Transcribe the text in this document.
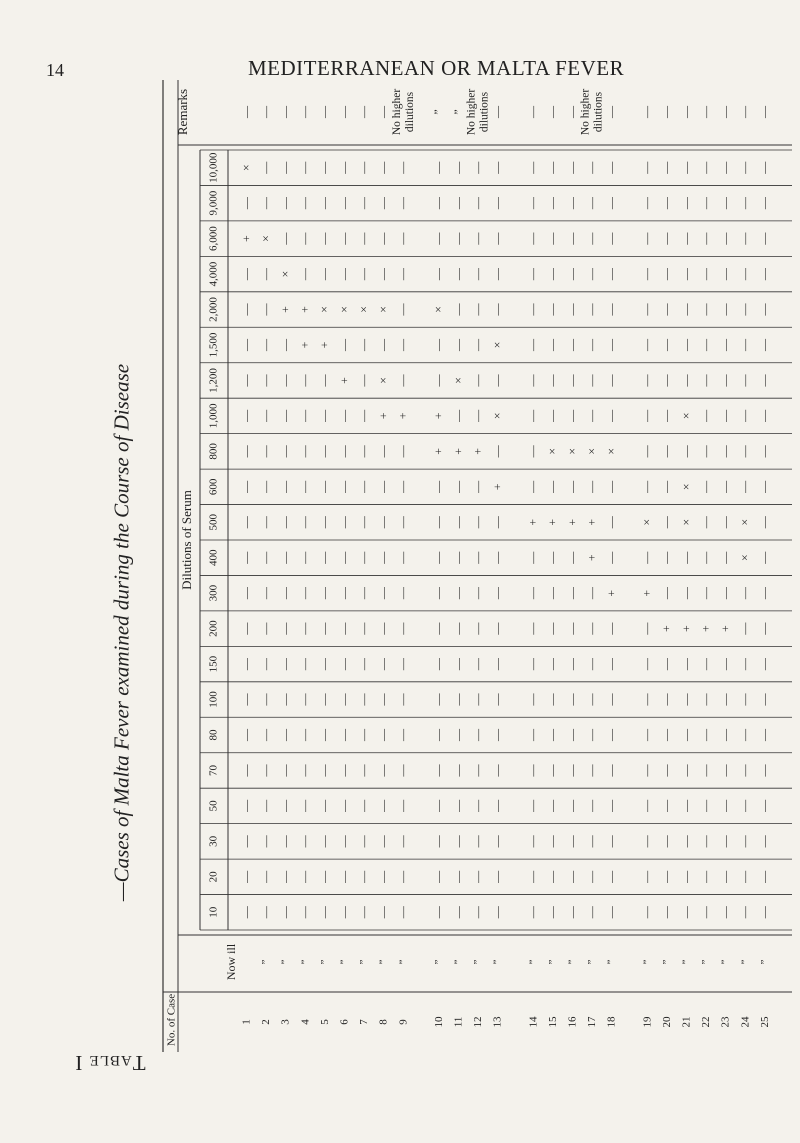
14	MEDITERRANEAN OR MALTA FEVER
Table I
—Cases of Malta Fever examined during the Course of Disease
Remarks
Dilutions of Serum
10
20
30
50
70
80
100
150
200
300
400
500
600
800
1,000
1,200
1,500
2,000
4,000
6,000
9,000
10,000
Now ill
No. of Case	1
—
—
—
—
—
—
—
—
—
—
—
—
—
—
—
—
—
—
—
—
+
—
×
2
”
—
—
—
—
—
—
—
—
—
—
—
—
—
—
—
—
—
—
—
—
×
—
—
3
”
—
—
—
—
—
—
—
—
—
—
—
—
—
—
—
—
—
—
+
×
—
—
—
4
”
—
—
—
—
—
—
—
—
—
—
—
—
—
—
—
—
—
+
+
—
—
—
—
5
”
—
—
—
—
—
—
—
—
—
—
—
—
—
—
—
—
—
+
×
—
—
—
—
6
”
—
—
—
—
—
—
—
—
—
—
—
—
—
—
—
—
+
—
×
—
—
—
—
7
”
—
—
—
—
—
—
—
—
—
—
—
—
—
—
—
—
—
—
×
—
—
—
—
8
”
—
—
—
—
—
—
—
—
—
—
—
—
—
—
—
+
×
—
×
—
—
—
—
9
”
No higherdilutions
—
—
—
—
—
—
—
—
—
—
—
—
—
—
+
—
—
—
—
—
—
—
10
”
”
—
—
—
—
—
—
—
—
—
—
—
—
—
+
+
—
—
×
—
—
—
—
11
”
”
—
—
—
—
—
—
—
—
—
—
—
—
—
+
—
×
—
—
—
—
—
—
12
”
No higherdilutions
—
—
—
—
—
—
—
—
—
—
—
—
—
+
—
—
—
—
—
—
—
—
13
”
—
—
—
—
—
—
—
—
—
—
—
—
—
+
—
×
—
×
—
—
—
—
—
14
”
—
—
—
—
—
—
—
—
—
—
—
—
+
—
—
—
—
—
—
—
—
—
—
15
”
—
—
—
—
—
—
—
—
—
—
—
—
+
—
×
—
—
—
—
—
—
—
—
16
”
—
—
—
—
—
—
—
—
—
—
—
—
+
—
×
—
—
—
—
—
—
—
—
17
”
No higherdilutions
—
—
—
—
—
—
—
—
—
—
+
+
—
×
—
—
—
—
—
—
—
—
18
”
—
—
—
—
—
—
—
—
—
—
+
—
—
—
×
—
—
—
—
—
—
—
—
19
”
—
—
—
—
—
—
—
—
—
—
+
—
×
—
—
—
—
—
—
—
—
—
—
20
”
—
—
—
—
—
—
—
—
—
+
—
—
—
—
—
—
—
—
—
—
—
—
—
21
”
—
—
—
—
—
—
—
—
—
+
—
—
×
×
—
×
—
—
—
—
—
—
—
22
”
—
—
—
—
—
—
—
—
—
+
—
—
—
—
—
—
—
—
—
—
—
—
—
23
”
—
—
—
—
—
—
—
—
—
+
—
—
—
—
—
—
—
—
—
—
—
—
—
24
”
—
—
—
—
—
—
—
—
—
—
—
×
×
—
—
—
—
—
—
—
—
—
—
25
”
—
—
—
—
—
—
—
—
—
—
—
—
—
—
—
—
—
—
—
—
—
—
—
